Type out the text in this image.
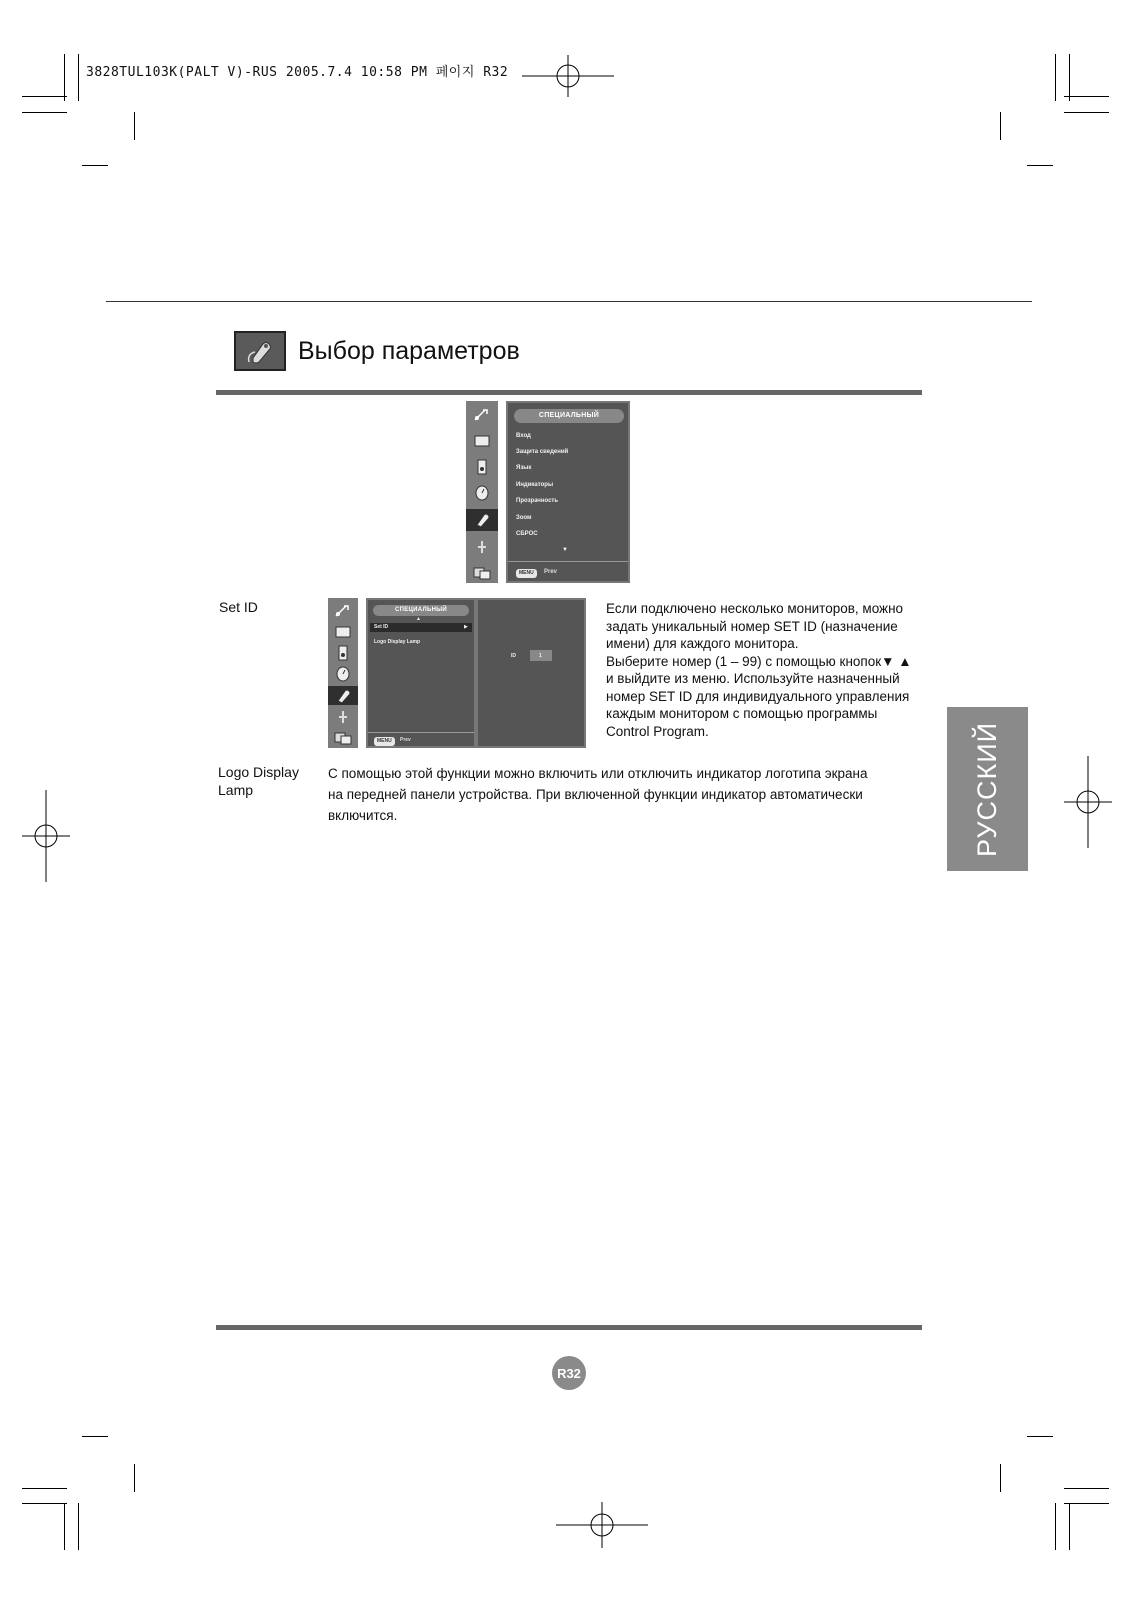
3828TUL103K(PALT V)-RUS 2005.7.4 10:58 PM 페이지 R32
Выбор параметров
СПЕЦИАЛЬНЫЙ
Вход
Защита сведений
Язык
Индикаторы
Прозрачность
Зоом
СБРОС
▼
MENU	Prev
Set ID	СПЕЦИАЛЬНЫЙ
▲
Set ID	▶
Logo Display Lamp
MENU	Prev
ID	1
Если подключено несколько мониторов, можно
задать уникальный номер SET ID (назначение
имени) для каждого монитора.
Выберите номер (1 – 99) с помощью кнопок▼ ▲
и выйдите из меню. Используйте назначенный
номер SET ID для индивидуального управления
каждым монитором с помощью программы
Control Program.
Logo Display
Lamp
С помощью этой функции можно включить или отключить индикатор логотипа экрана
на передней панели устройства. При включенной функции индикатор автоматически
включится.	РУССКИЙ
R32
